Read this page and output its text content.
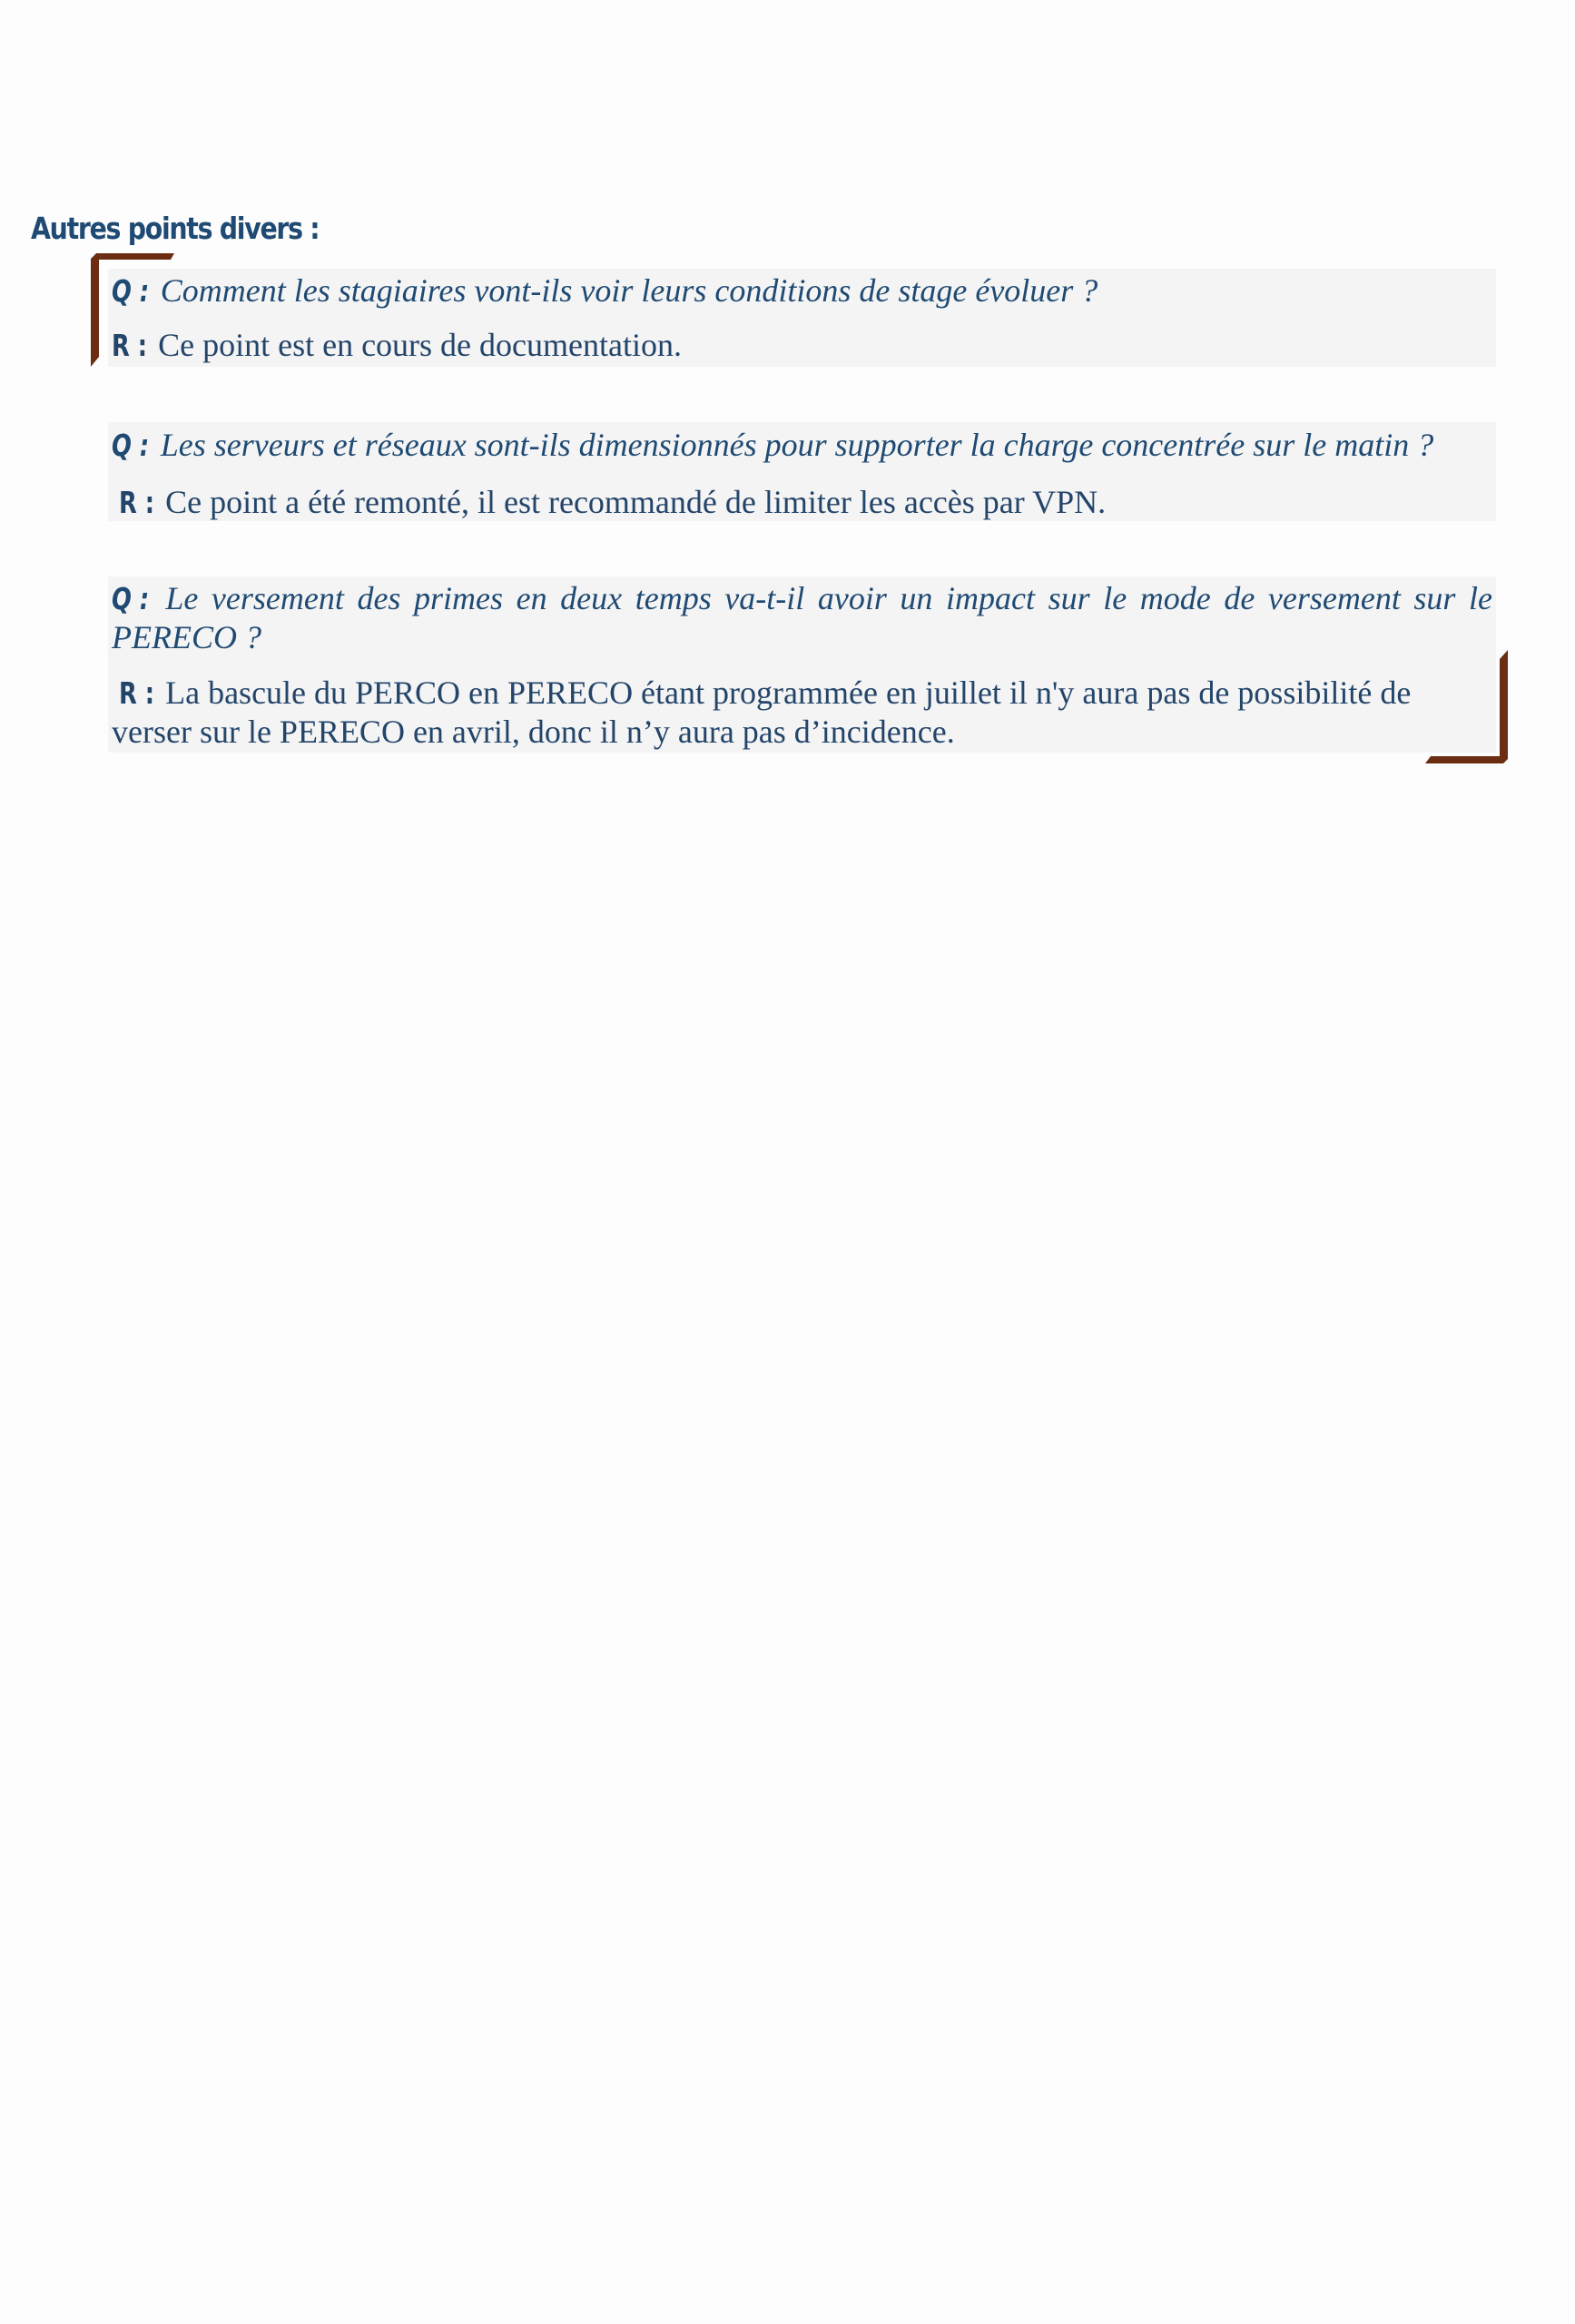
Autres points divers :

Q : Comment les stagiaires vont-ils voir leurs conditions de stage évoluer ?

R : Ce point est en cours de documentation.

Q : Les serveurs et réseaux sont-ils dimensionnés pour supporter la charge concentrée sur le matin ?

R : Ce point a été remonté, il est recommandé de limiter les accès par VPN.

Q : Le versement des primes en deux temps va-t-il avoir un impact sur le mode de versement sur le PERECO ?

R : La bascule du PERCO en PERECO étant programmée en juillet il n'y aura pas de possibilité de verser sur le PERECO en avril, donc il n’y aura pas d’incidence.
